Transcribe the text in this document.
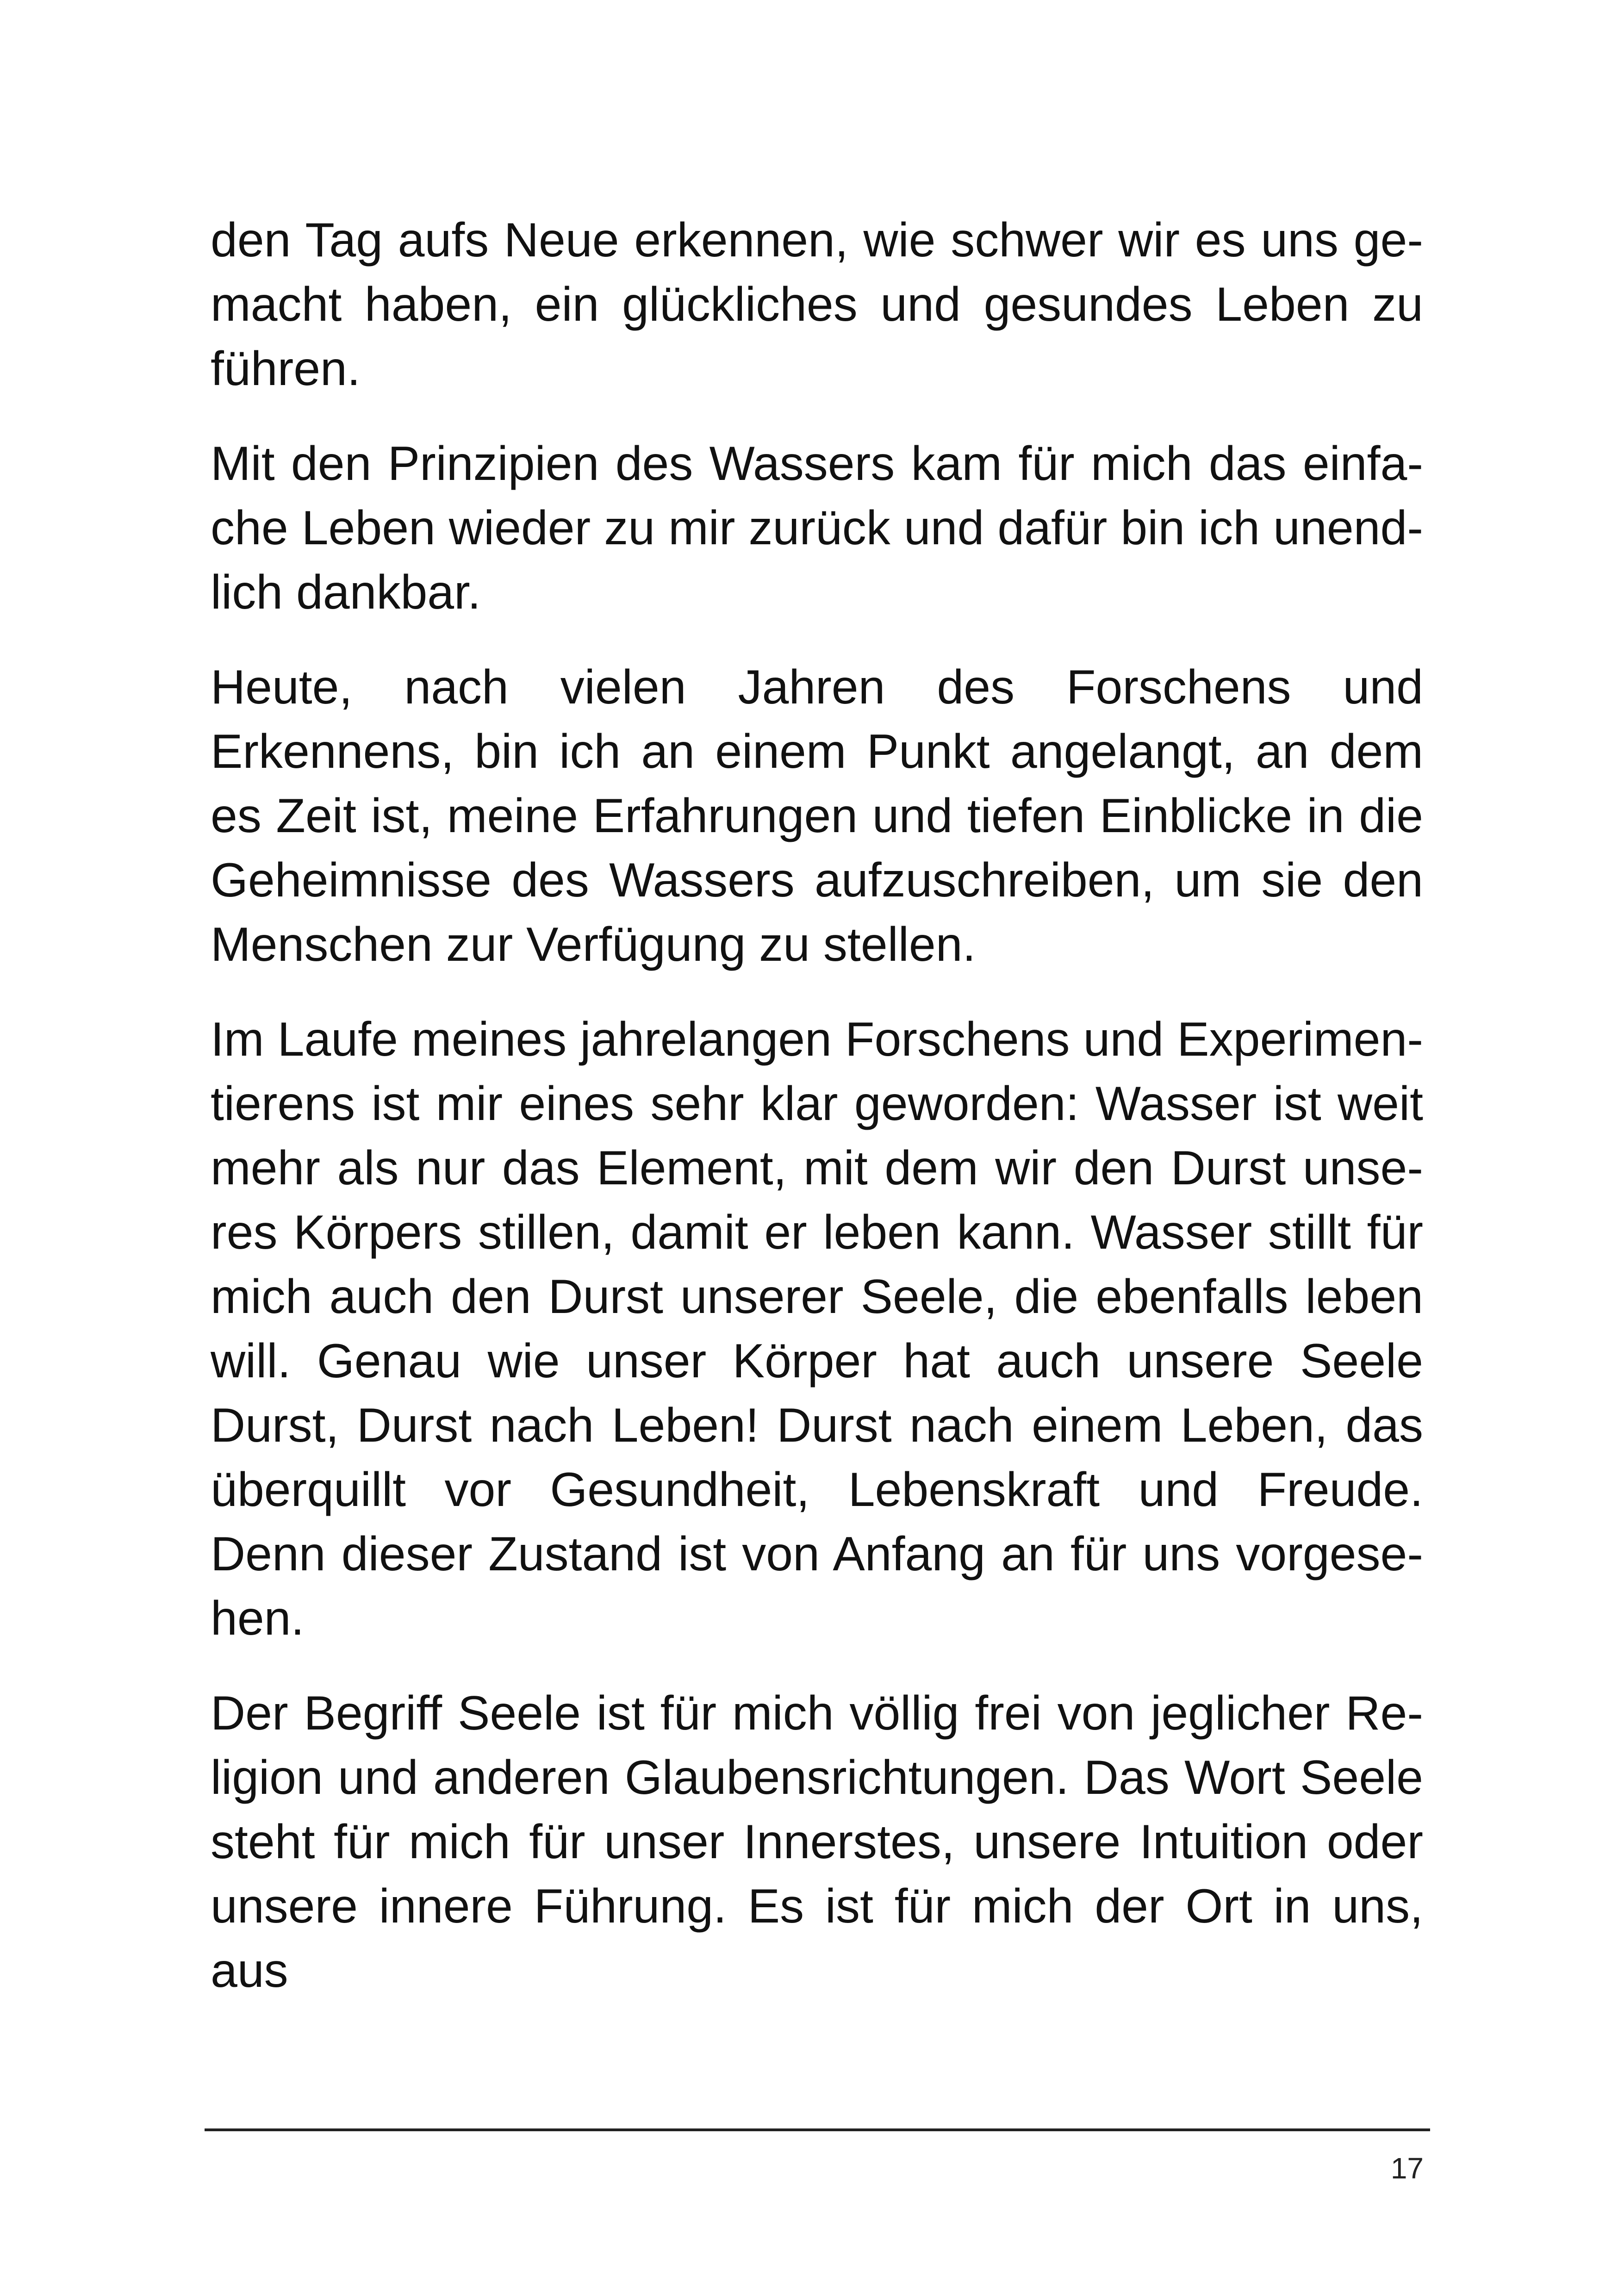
den Tag aufs Neue erkennen, wie schwer wir es uns gemacht haben, ein glückliches und gesundes Leben zu führen.

Mit den Prinzipien des Wassers kam für mich das einfache Leben wieder zu mir zurück und dafür bin ich unendlich dankbar.

Heute, nach vielen Jahren des Forschens und Erkennens, bin ich an einem Punkt angelangt, an dem es Zeit ist, meine Erfahrungen und tiefen Einblicke in die Geheimnisse des Wassers aufzuschreiben, um sie den Menschen zur Verfügung zu stellen.

Im Laufe meines jahrelangen Forschens und Experimentierens ist mir eines sehr klar geworden: Wasser ist weit mehr als nur das Element, mit dem wir den Durst unseres Körpers stillen, damit er leben kann. Wasser stillt für mich auch den Durst unserer Seele, die ebenfalls leben will. Genau wie unser Körper hat auch unsere Seele Durst, Durst nach Leben! Durst nach einem Leben, das überquillt vor Gesundheit, Lebenskraft und Freude. Denn dieser Zustand ist von Anfang an für uns vorgesehen.

Der Begriff Seele ist für mich völlig frei von jeglicher Religion und anderen Glaubensrichtungen. Das Wort Seele steht für mich für unser Innerstes, unsere Intuition oder unsere innere Führung. Es ist für mich der Ort in uns, aus

17
